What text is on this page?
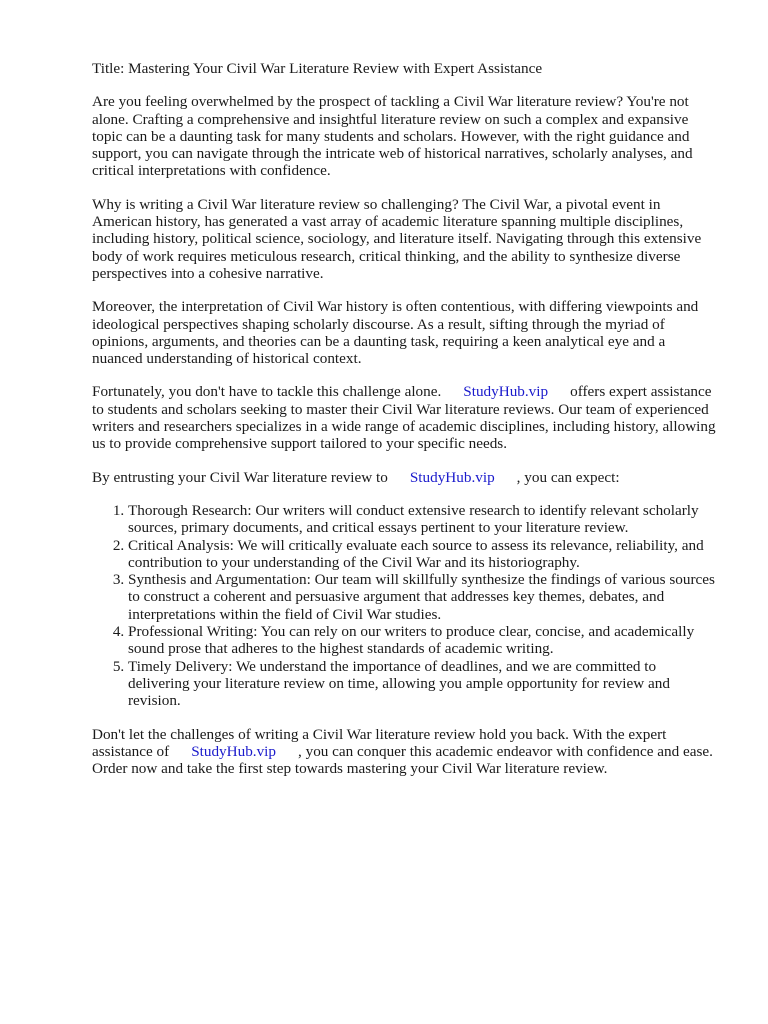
Title: Mastering Your Civil War Literature Review with Expert Assistance

Are you feeling overwhelmed by the prospect of tackling a Civil War literature review? You're not alone. Crafting a comprehensive and insightful literature review on such a complex and expansive topic can be a daunting task for many students and scholars. However, with the right guidance and support, you can navigate through the intricate web of historical narratives, scholarly analyses, and critical interpretations with confidence.

Why is writing a Civil War literature review so challenging? The Civil War, a pivotal event in American history, has generated a vast array of academic literature spanning multiple disciplines, including history, political science, sociology, and literature itself. Navigating through this extensive body of work requires meticulous research, critical thinking, and the ability to synthesize diverse perspectives into a cohesive narrative.

Moreover, the interpretation of Civil War history is often contentious, with differing viewpoints and ideological perspectives shaping scholarly discourse. As a result, sifting through the myriad of opinions, arguments, and theories can be a daunting task, requiring a keen analytical eye and a nuanced understanding of historical context.

Fortunately, you don't have to tackle this challenge alone. StudyHub.vip offers expert assistance to students and scholars seeking to master their Civil War literature reviews. Our team of experienced writers and researchers specializes in a wide range of academic disciplines, including history, allowing us to provide comprehensive support tailored to your specific needs.

By entrusting your Civil War literature review to StudyHub.vip , you can expect:

1. Thorough Research: Our writers will conduct extensive research to identify relevant scholarly sources, primary documents, and critical essays pertinent to your literature review.
2. Critical Analysis: We will critically evaluate each source to assess its relevance, reliability, and contribution to your understanding of the Civil War and its historiography.
3. Synthesis and Argumentation: Our team will skillfully synthesize the findings of various sources to construct a coherent and persuasive argument that addresses key themes, debates, and interpretations within the field of Civil War studies.
4. Professional Writing: You can rely on our writers to produce clear, concise, and academically sound prose that adheres to the highest standards of academic writing.
5. Timely Delivery: We understand the importance of deadlines, and we are committed to delivering your literature review on time, allowing you ample opportunity for review and revision.

Don't let the challenges of writing a Civil War literature review hold you back. With the expert assistance of StudyHub.vip , you can conquer this academic endeavor with confidence and ease. Order now and take the first step towards mastering your Civil War literature review.
